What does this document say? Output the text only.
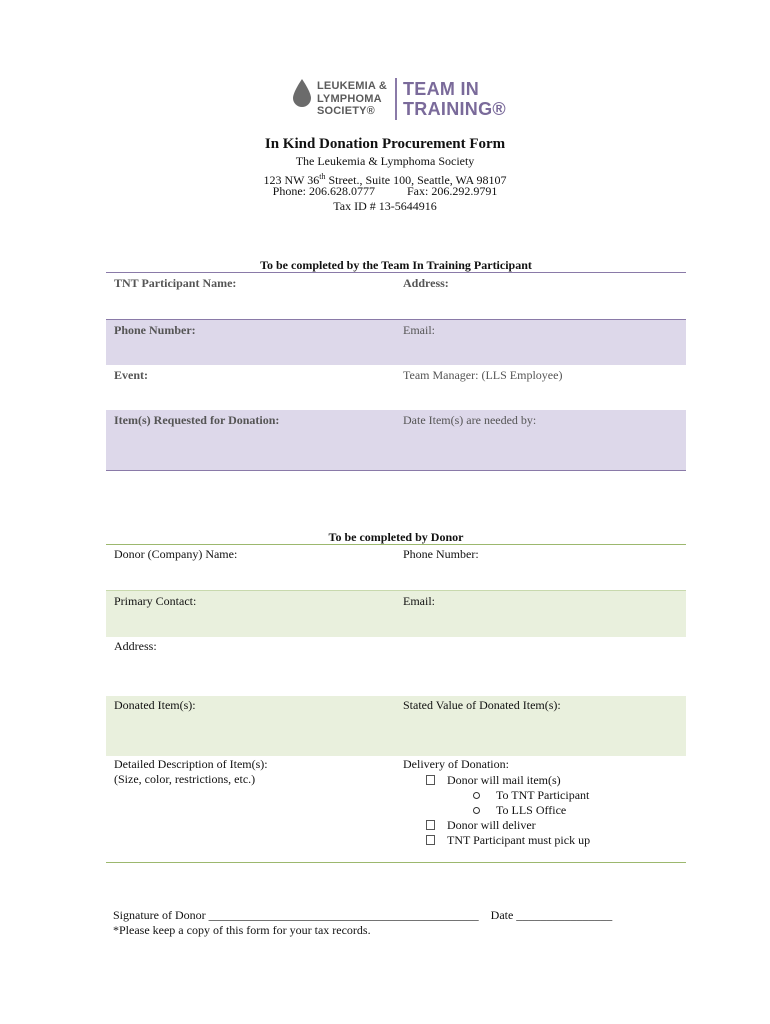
LEUKEMIA &
LYMPHOMA
SOCIETY®
TEAM IN
TRAINING®
In Kind Donation Procurement Form
The Leukemia & Lymphoma Society
123 NW 36th Street., Suite 100, Seattle, WA 98107
Phone: 206.628.0777	Fax: 206.292.9791
Tax ID # 13-5644916
To be completed by the Team In Training Participant
TNT Participant Name:	Address:
Phone Number:	Email:
Event:	Team Manager: (LLS Employee)
Item(s) Requested for Donation:	Date Item(s) are needed by:
To be completed by Donor
Donor (Company) Name:	Phone Number:
Primary Contact:	Email:
Address:
Donated Item(s):	Stated Value of Donated Item(s):
Detailed Description of Item(s):
(Size, color, restrictions, etc.)
Delivery of Donation:
Donor will mail item(s)
To TNT Participant
To LLS Office
Donor will deliver
TNT Participant must pick up
Signature of Donor _____________________________________________ Date ________________
*Please keep a copy of this form for your tax records.
